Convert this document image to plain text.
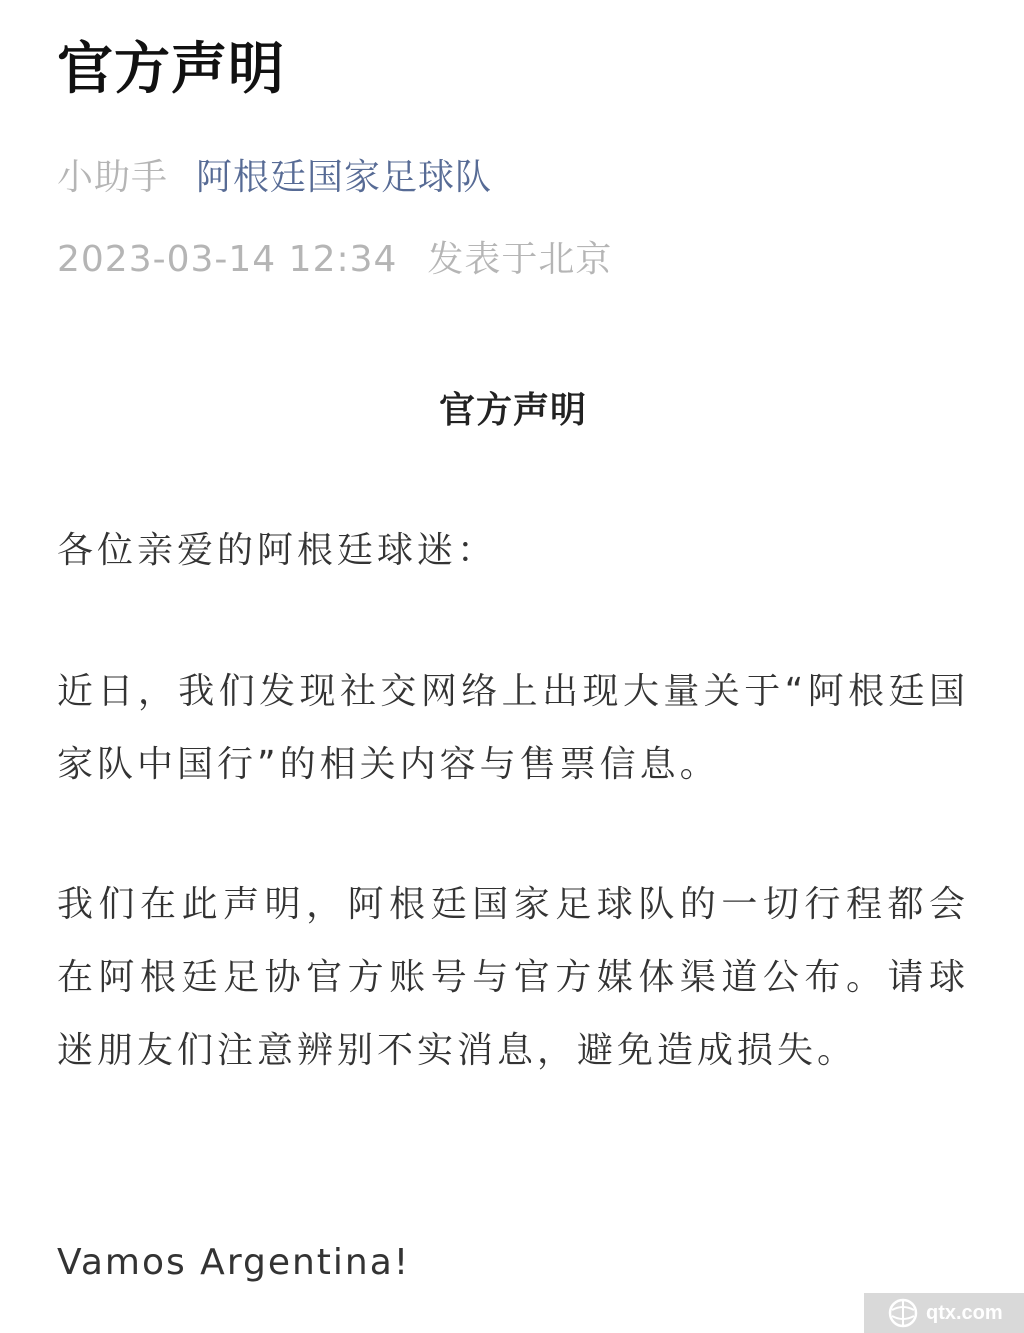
官方声明
小助手 阿根廷国家足球队
2023-03-14 12:34 发表于北京
官方声明

各位亲爱的阿根廷球迷：

近日，我们发现社交网络上出现大量关于“阿根廷国家队中国行”的相关内容与售票信息。

我们在此声明，阿根廷国家足球队的一切行程都会在阿根廷足协官方账号与官方媒体渠道公布。请球迷朋友们注意辨别不实消息，避免造成损失。

Vamos Argentina!

qtx.com
